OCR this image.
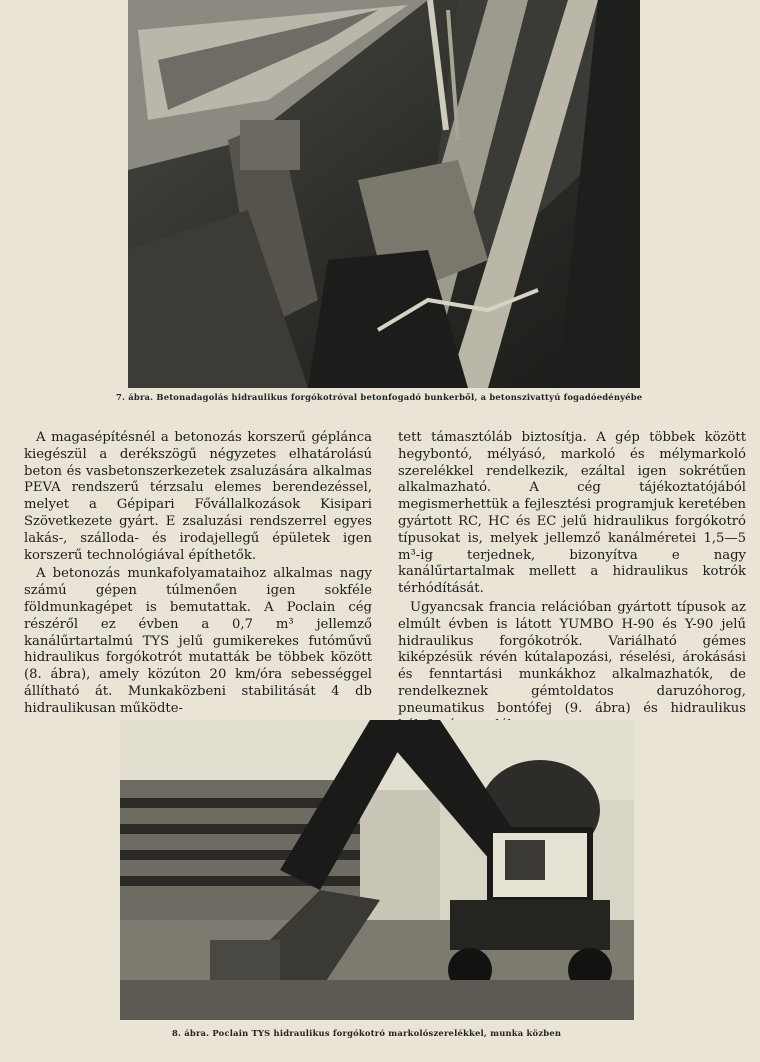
7. ábra. Betonadagolás hidraulikus forgókotróval betonfogadó bunkerből, a betonszivattyú fogadóedényébe

A magasépítésnél a betonozás korszerű géplánca kiegészül a derékszögű négyzetes elhatárolású beton és vasbetonszerkezetek zsaluzására alkalmas PEVA rendszerű térzsalu elemes berendezéssel, melyet a Gépipari Fővállalkozások Kisipari Szövetkezete gyárt. E zsaluzási rendszerrel egyes lakás-, szálloda- és irodajellegű épületek igen korszerű technológiával építhetők.

A betonozás munkafolyamataihoz alkalmas nagy számú gépen túlmenően igen sokféle földmunkagépet is bemutattak. A Poclain cég részéről ez évben a 0,7 m³ jellemző kanálűrtartalmú TYS jelű gumikerekes futóművű hidraulikus forgókotrót mutatták be többek között (8. ábra), amely közúton 20 km/óra sebességgel állítható át. Munkaközbeni stabilitását 4 db hidraulikusan működte-

tett támasztóláb biztosítja. A gép többek között hegybontó, mélyásó, markoló és mélymarkoló szerelékkel rendelkezik, ezáltal igen sokrétűen alkalmazható. A cég tájékoztatójából megismerhettük a fejlesztési programjuk keretében gyártott RC, HC és EC jelű hidraulikus forgókotró típusokat is, melyek jellemző kanálméretei 1,5—5 m³-ig terjednek, bizonyítva e nagy kanálűrtartalmak mellett a hidraulikus kotrók térhódítását.

Ugyancsak francia relációban gyártott típusok az elmúlt évben is látott YUMBO H-90 és Y-90 jelű hidraulikus forgókotrók. Variálható gémes kiképzésük révén kútalapozási, réselési, árokásási és fenntartási munkákhoz alkalmazhatók, de rendelkeznek gémtoldatos daruzóhorog, pneumatikus bontófej (9. ábra) és hidraulikus

8. ábra. Poclain TYS hidraulikus forgókotró markolószerelékkel, munka közben
